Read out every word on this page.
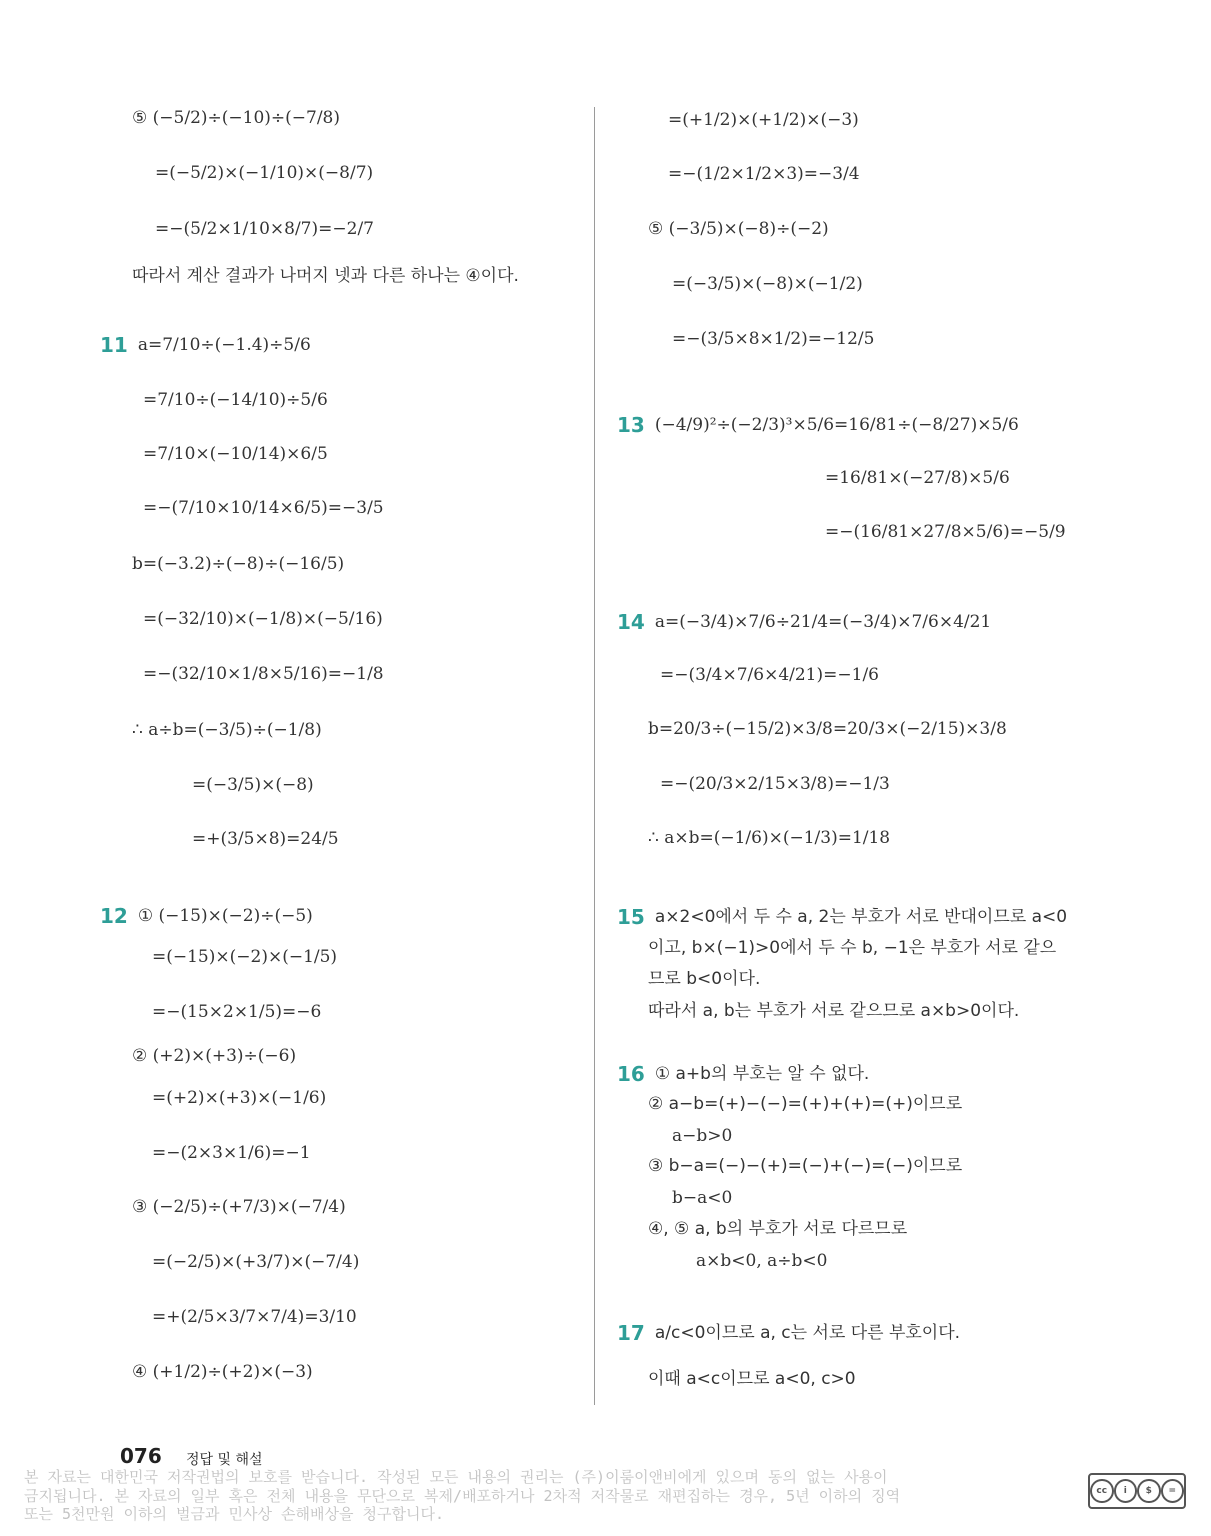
⑤ (−5/2)÷(−10)÷(−7/8)
=(−5/2)×(−1/10)×(−8/7)
=−(5/2×1/10×8/7)=−2/7
따라서 계산 결과가 나머지 넷과 다른 하나는 ④이다.
11 a=7/10÷(−1.4)÷5/6
=7/10÷(−14/10)÷5/6
=7/10×(−10/14)×6/5
=−(7/10×10/14×6/5)=−3/5
b=(−3.2)÷(−8)÷(−16/5)
=(−32/10)×(−1/8)×(−5/16)
=−(32/10×1/8×5/16)=−1/8
∴ a÷b=(−3/5)÷(−1/8)
=(−3/5)×(−8)
=+(3/5×8)=24/5
12 ① (−15)×(−2)÷(−5)
=(−15)×(−2)×(−1/5)
=−(15×2×1/5)=−6
② (+2)×(+3)÷(−6)
=(+2)×(+3)×(−1/6)
=−(2×3×1/6)=−1
③ (−2/5)÷(+7/3)×(−7/4)
=(−2/5)×(+3/7)×(−7/4)
=+(2/5×3/7×7/4)=3/10
④ (+1/2)÷(+2)×(−3)
=(+1/2)×(+1/2)×(−3)
=−(1/2×1/2×3)=−3/4
⑤ (−3/5)×(−8)÷(−2)
=(−3/5)×(−8)×(−1/2)
=−(3/5×8×1/2)=−12/5
13 (−4/9)²÷(−2/3)³×5/6=16/81÷(−8/27)×5/6
=16/81×(−27/8)×5/6
=−(16/81×27/8×5/6)=−5/9
14 a=(−3/4)×7/6÷21/4=(−3/4)×7/6×4/21
=−(3/4×7/6×4/21)=−1/6
b=20/3÷(−15/2)×3/8=20/3×(−2/15)×3/8
=−(20/3×2/15×3/8)=−1/3
∴ a×b=(−1/6)×(−1/3)=1/18
15 a×2<0에서 두 수 a, 2는 부호가 서로 반대이므로 a<0
이고, b×(−1)>0에서 두 수 b, −1은 부호가 서로 같으
므로 b<0이다.
따라서 a, b는 부호가 서로 같으므로 a×b>0이다.
16 ① a+b의 부호는 알 수 없다.
② a−b=(+)−(−)=(+)+(+)=(+)이므로
a−b>0
③ b−a=(−)−(+)=(−)+(−)=(−)이므로
b−a<0
④, ⑤ a, b의 부호가 서로 다르므로
a×b<0, a÷b<0
17 a/c<0이므로 a, c는 서로 다른 부호이다.
이때 a<c이므로 a<0, c>0
076 정답 및 해설
본 자료는 대한민국 저작권법의 보호를 받습니다. 작성된 모든 내용의 권리는 (주)이룸이앤비에게 있으며 동의 없는 사용이
금지됩니다. 본 자료의 일부 혹은 전체 내용을 무단으로 복제/배포하거나 2차적 저작물로 재편집하는 경우, 5년 이하의 징역
또는 5천만원 이하의 벌금과 민사상 손해배상을 청구합니다.
cc	i	$	=
